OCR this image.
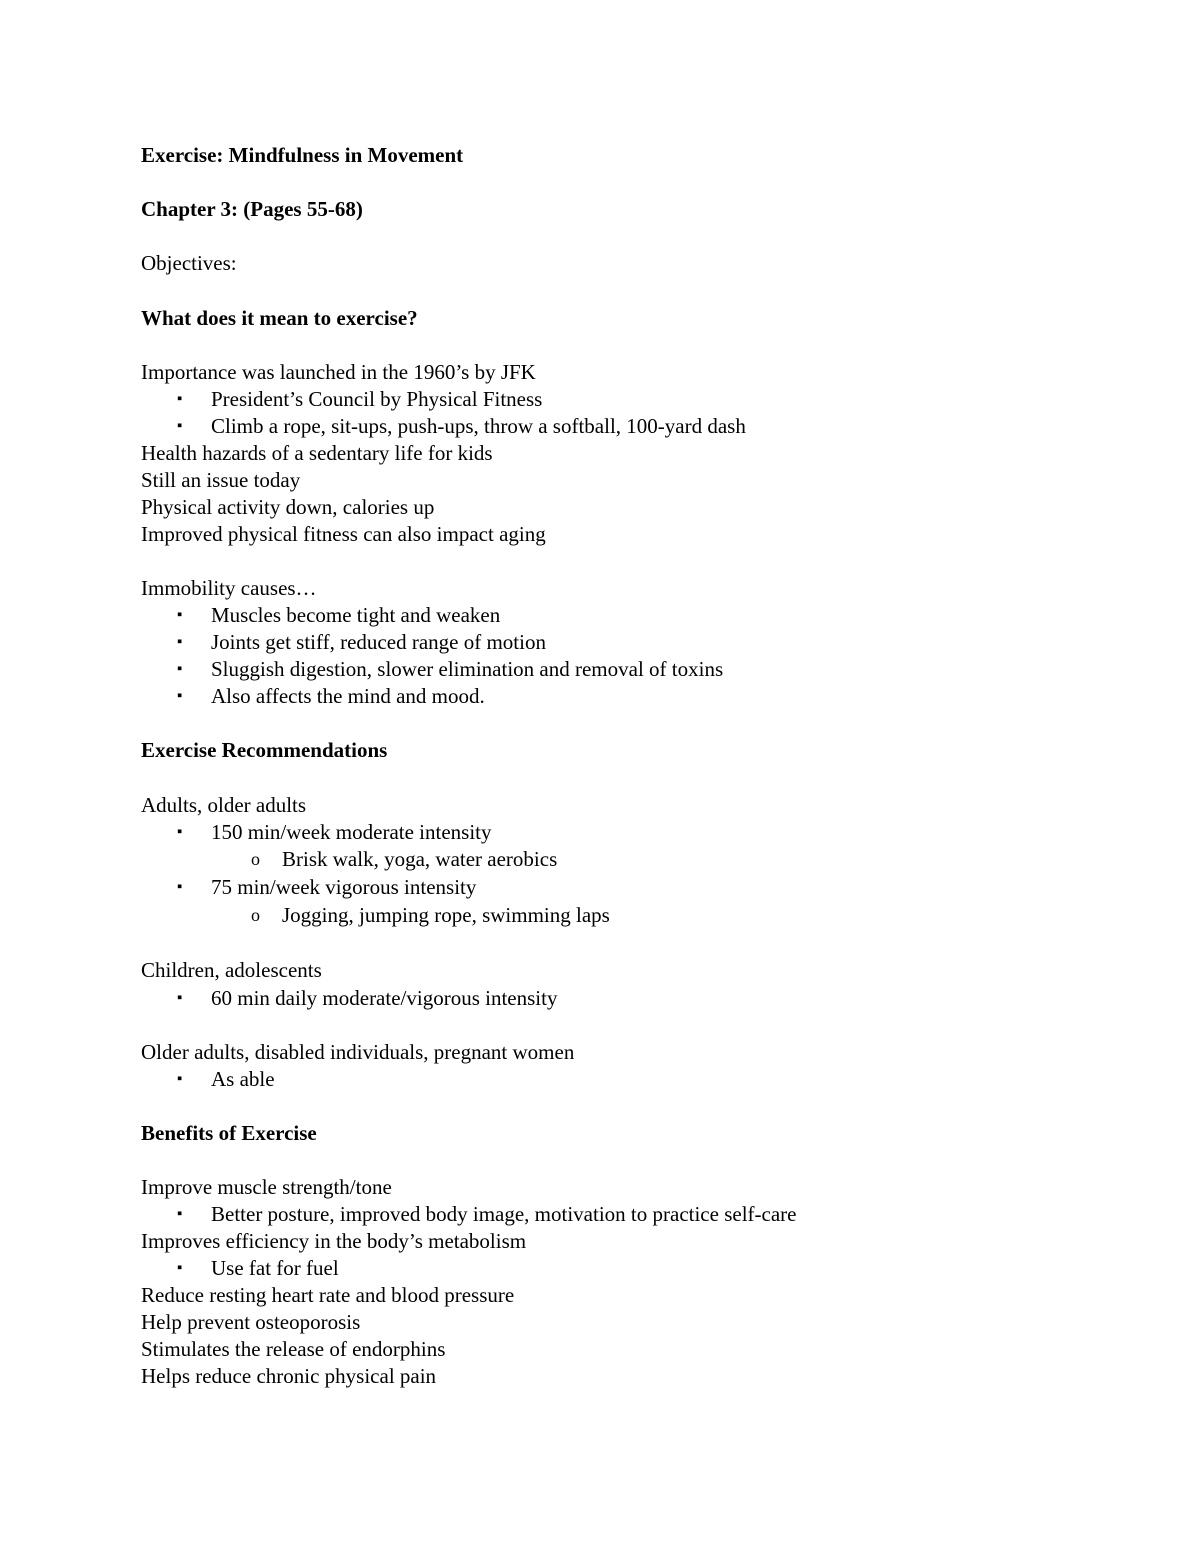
Exercise: Mindfulness in Movement
Chapter 3: (Pages 55-68)
Objectives:
What does it mean to exercise?
Importance was launched in the 1960’s by JFK
▪ President’s Council by Physical Fitness
▪ Climb a rope, sit-ups, push-ups, throw a softball, 100-yard dash
Health hazards of a sedentary life for kids
Still an issue today
Physical activity down, calories up
Improved physical fitness can also impact aging
Immobility causes…
▪ Muscles become tight and weaken
▪ Joints get stiff, reduced range of motion
▪ Sluggish digestion, slower elimination and removal of toxins
▪ Also affects the mind and mood.
Exercise Recommendations
Adults, older adults
▪ 150 min/week moderate intensity
o Brisk walk, yoga, water aerobics
▪ 75 min/week vigorous intensity
o Jogging, jumping rope, swimming laps
Children, adolescents
▪ 60 min daily moderate/vigorous intensity
Older adults, disabled individuals, pregnant women
▪ As able
Benefits of Exercise
Improve muscle strength/tone
▪ Better posture, improved body image, motivation to practice self-care
Improves efficiency in the body’s metabolism
▪ Use fat for fuel
Reduce resting heart rate and blood pressure
Help prevent osteoporosis
Stimulates the release of endorphins
Helps reduce chronic physical pain
